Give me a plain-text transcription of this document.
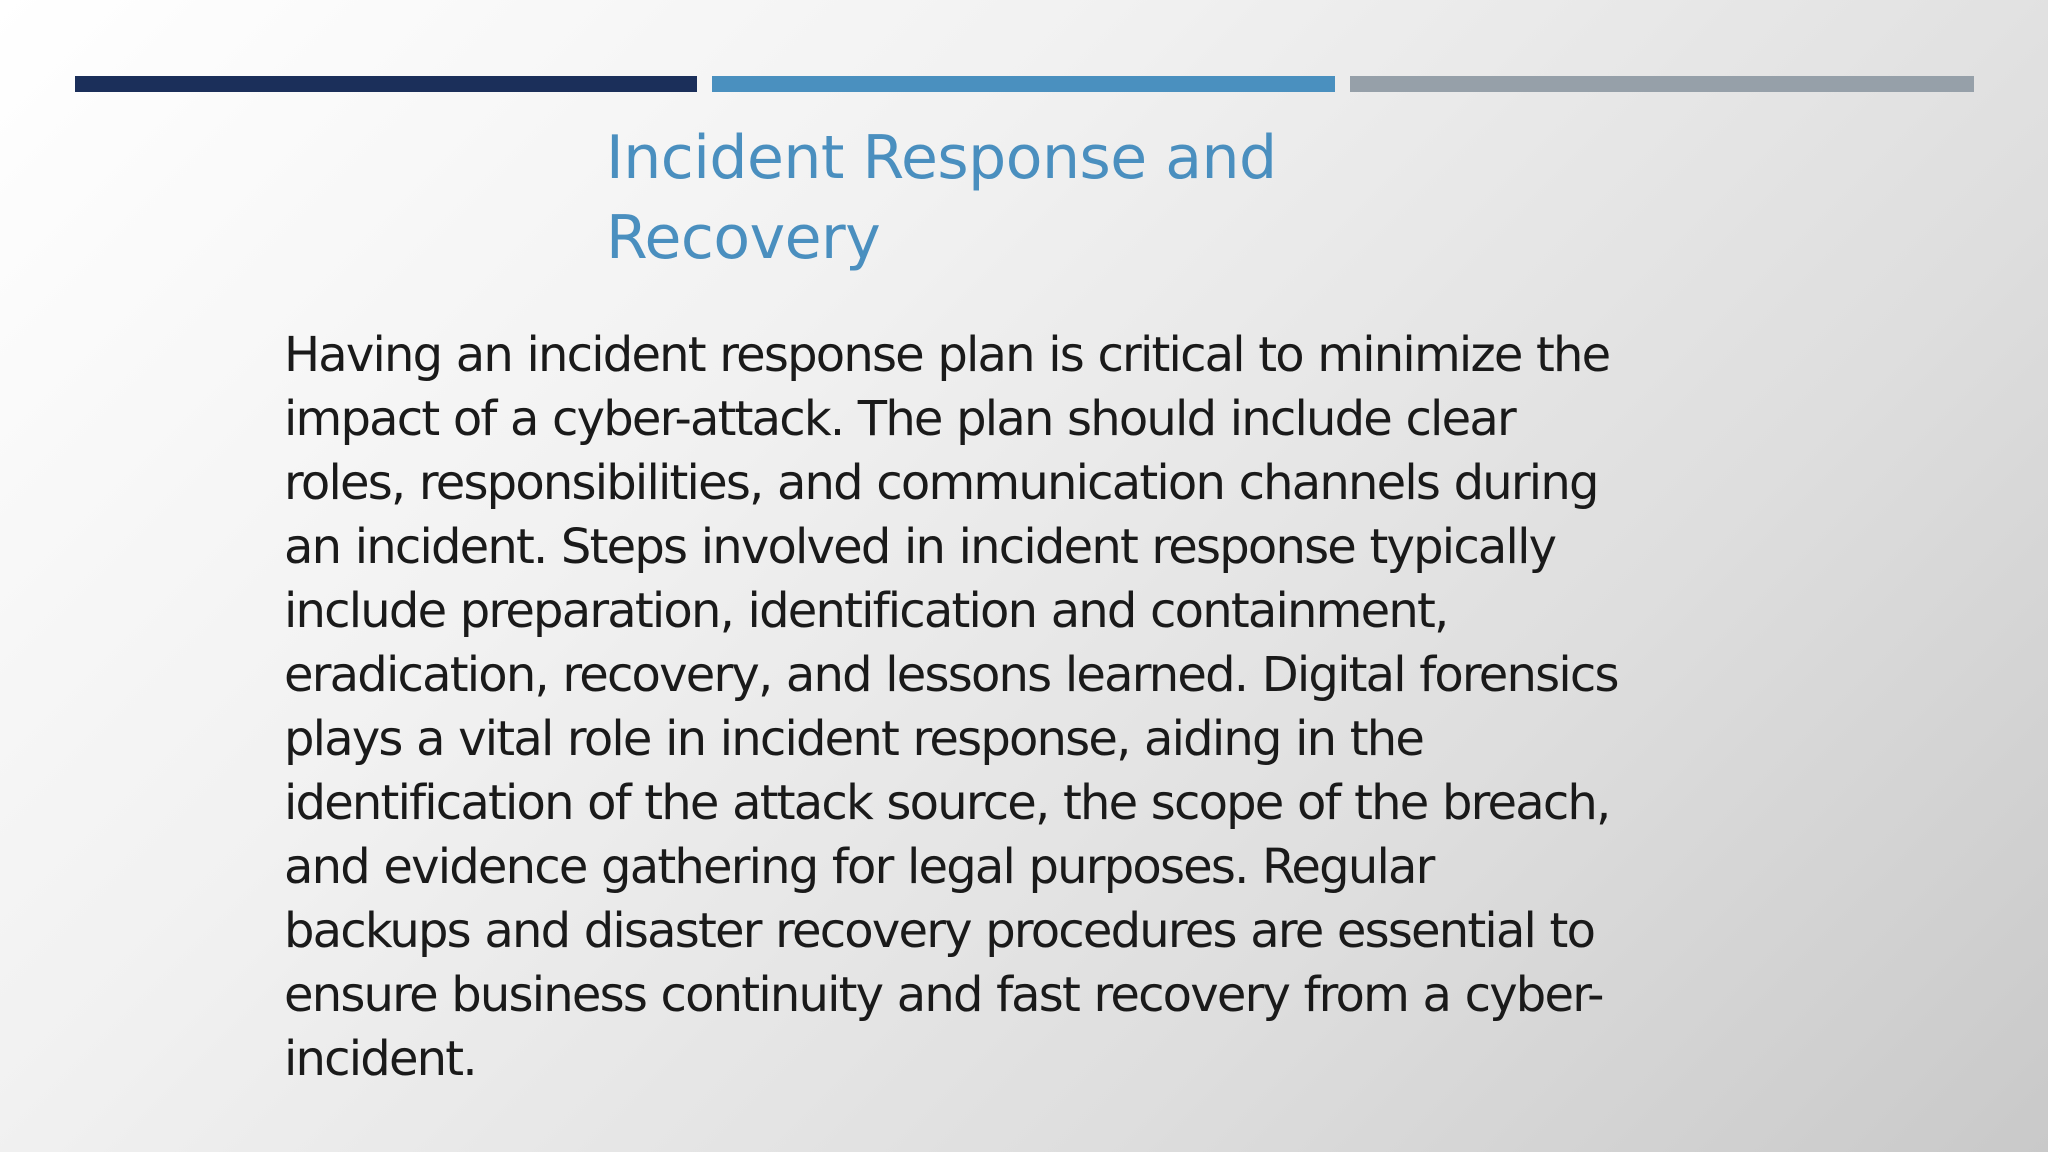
Incident Response and
Recovery
Having an incident response plan is critical to minimize the
impact of a cyber-attack. The plan should include clear
roles, responsibilities, and communication channels during
an incident. Steps involved in incident response typically
include preparation, identification and containment,
eradication, recovery, and lessons learned. Digital forensics
plays a vital role in incident response, aiding in the
identification of the attack source, the scope of the breach,
and evidence gathering for legal purposes. Regular
backups and disaster recovery procedures are essential to
ensure business continuity and fast recovery from a cyber-
incident.
